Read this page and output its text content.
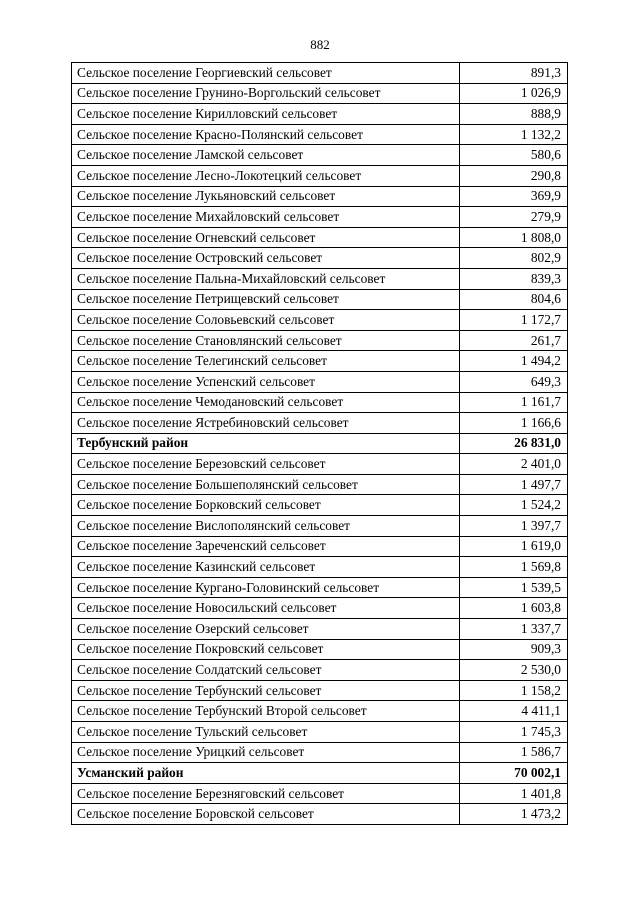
882
Сельское поселение Георгиевский сельсовет	891,3
Сельское поселение Грунино-Воргольский сельсовет	1 026,9
Сельское поселение Кирилловский сельсовет	888,9
Сельское поселение Красно-Полянский сельсовет	1 132,2
Сельское поселение Ламской сельсовет	580,6
Сельское поселение Лесно-Локотецкий сельсовет	290,8
Сельское поселение Лукьяновский сельсовет	369,9
Сельское поселение Михайловский сельсовет	279,9
Сельское поселение Огневский сельсовет	1 808,0
Сельское поселение Островский сельсовет	802,9
Сельское поселение Пальна-Михайловский сельсовет	839,3
Сельское поселение Петрищевский сельсовет	804,6
Сельское поселение Соловьевский сельсовет	1 172,7
Сельское поселение Становлянский сельсовет	261,7
Сельское поселение Телегинский сельсовет	1 494,2
Сельское поселение Успенский сельсовет	649,3
Сельское поселение Чемодановский сельсовет	1 161,7
Сельское поселение Ястребиновский сельсовет	1 166,6
Тербунский район	26 831,0
Сельское поселение Березовский сельсовет	2 401,0
Сельское поселение Большеполянский сельсовет	1 497,7
Сельское поселение Борковский сельсовет	1 524,2
Сельское поселение Вислополянский сельсовет	1 397,7
Сельское поселение Зареченский сельсовет	1 619,0
Сельское поселение Казинский сельсовет	1 569,8
Сельское поселение Кургано-Головинский сельсовет	1 539,5
Сельское поселение Новосильский сельсовет	1 603,8
Сельское поселение Озерский сельсовет	1 337,7
Сельское поселение Покровский сельсовет	909,3
Сельское поселение Солдатский сельсовет	2 530,0
Сельское поселение Тербунский сельсовет	1 158,2
Сельское поселение Тербунский Второй сельсовет	4 411,1
Сельское поселение Тульский сельсовет	1 745,3
Сельское поселение Урицкий сельсовет	1 586,7
Усманский район	70 002,1
Сельское поселение Березняговский сельсовет	1 401,8
Сельское поселение Боровской сельсовет	1 473,2
